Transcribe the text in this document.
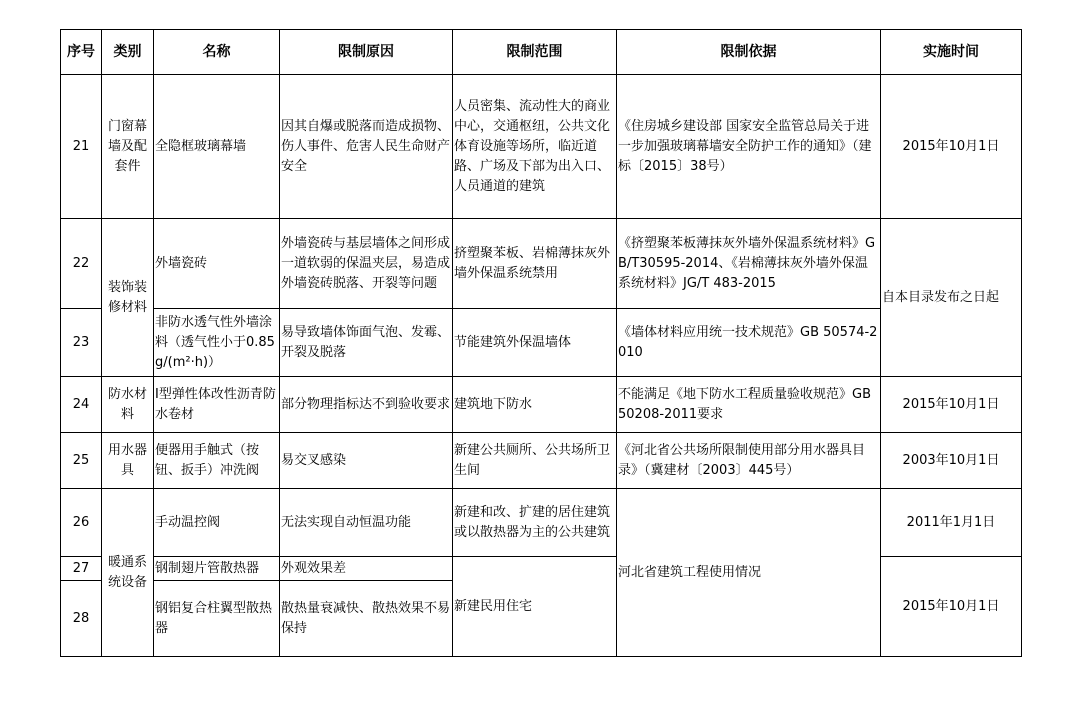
序号	类别	名称	限制原因	限制范围	限制依据	实施时间
21	门窗幕墙及配套件	全隐框玻璃幕墙	因其自爆或脱落而造成损物、伤人事件、危害人民生命财产安全	人员密集、流动性大的商业中心，交通枢纽，公共文化体育设施等场所，临近道路、广场及下部为出入口、人员通道的建筑	《住房城乡建设部 国家安全监管总局关于进一步加强玻璃幕墙安全防护工作的通知》（建标〔2015〕38号）	2015年10月1日
22	装饰装修材料	外墙瓷砖	外墙瓷砖与基层墙体之间形成一道软弱的保温夹层，易造成外墙瓷砖脱落、开裂等问题	挤塑聚苯板、岩棉薄抹灰外墙外保温系统禁用	《挤塑聚苯板薄抹灰外墙外保温系统材料》GB/T30595-2014、《岩棉薄抹灰外墙外保温系统材料》JG/T 483-2015	自本目录发布之日起
23		非防水透气性外墙涂料（透气性小于0.85g/(m²·h)）	易导致墙体饰面气泡、发霉、开裂及脱落	节能建筑外保温墙体	《墙体材料应用统一技术规范》GB 50574-2010	
24	防水材料	Ⅰ型弹性体改性沥青防水卷材	部分物理指标达不到验收要求	建筑地下防水	不能满足《地下防水工程质量验收规范》GB50208-2011要求	2015年10月1日
25	用水器具	便器用手触式（按钮、扳手）冲洗阀	易交叉感染	新建公共厕所、公共场所卫生间	《河北省公共场所限制使用部分用水器具目录》（冀建材〔2003〕445号）	2003年10月1日
26	暖通系统设备	手动温控阀	无法实现自动恒温功能	新建和改、扩建的居住建筑或以散热器为主的公共建筑	河北省建筑工程使用情况	2011年1月1日
27		钢制翅片管散热器	外观效果差	新建民用住宅		2015年10月1日
28		钢铝复合柱翼型散热器	散热量衰减快、散热效果不易保持			
